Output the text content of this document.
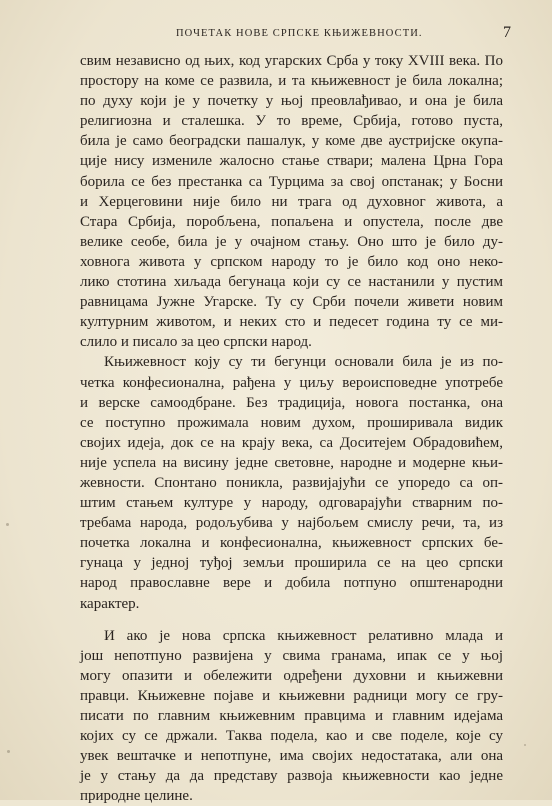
ПОЧЕТАК НОВЕ СРПСКЕ КЊИЖЕВНОСТИ.	7
свим независно од њих, код угарских Срба у току XVIII века. По
простору на коме се развила, и та књижевност је била локална;
по духу који је у почетку у њој преовлађивао, и она је била
религиозна и сталешка. У то време, Србија, готово пуста,
била је само београдски пашалук, у коме две аустријске окупа-
ције нису измениле жалосно стање ствари; малена Црна Гора
борила се без престанка са Турцима за свој опстанак; у Босни
и Херцеговини није било ни трага од духовног живота, а
Стара Србија, поробљена, попаљена и опустела, после две
велике сеобе, била је у очајном стању. Оно што је било ду-
ховнога живота у српском народу то је било код оно неко-
лико стотина хиљада бегунаца који су се настанили у пустим
равницама Јужне Угарске. Ту су Срби почели живети новим
културним животом, и неких сто и педесет година ту се ми-
слило и писало за цео српски народ.
Књижевност коју су ти бегунци основали била је из по-
четка конфесионална, рађена у циљу вероисповедне употребе
и верске самоодбране. Без традиција, новога постанка, она
се поступно прожимала новим духом, проширивала видик
својих идеја, док се на крају века, са Доситејем Обрадовићем,
није успела на висину једне световне, народне и модерне књи-
жевности. Спонтано поникла, развијајући се упоредо са оп-
штим стањем културе у народу, одговарајући стварним по-
требама народа, родољубива у најбољем смислу речи, та, из
почетка локална и конфесионална, књижевност српских бе-
гунаца у једној туђој земљи проширила се на цео српски
народ православне вере и добила потпуно општенародни
карактер.
И ако је нова српска књижевност релативно млада и
још непотпуно развијена у свима гранама, ипак се у њој
могу опазити и обележити одређени духовни и књижевни
правци. Књижевне појаве и књижевни радници могу се гру-
писати по главним књижевним правцима и главним идејама
којих су се држали. Таква подела, као и све поделе, које су
увек вештачке и непотпуне, има својих недостатака, али она
је у стању да да представу развоја књижевности као једне
природне целине.
